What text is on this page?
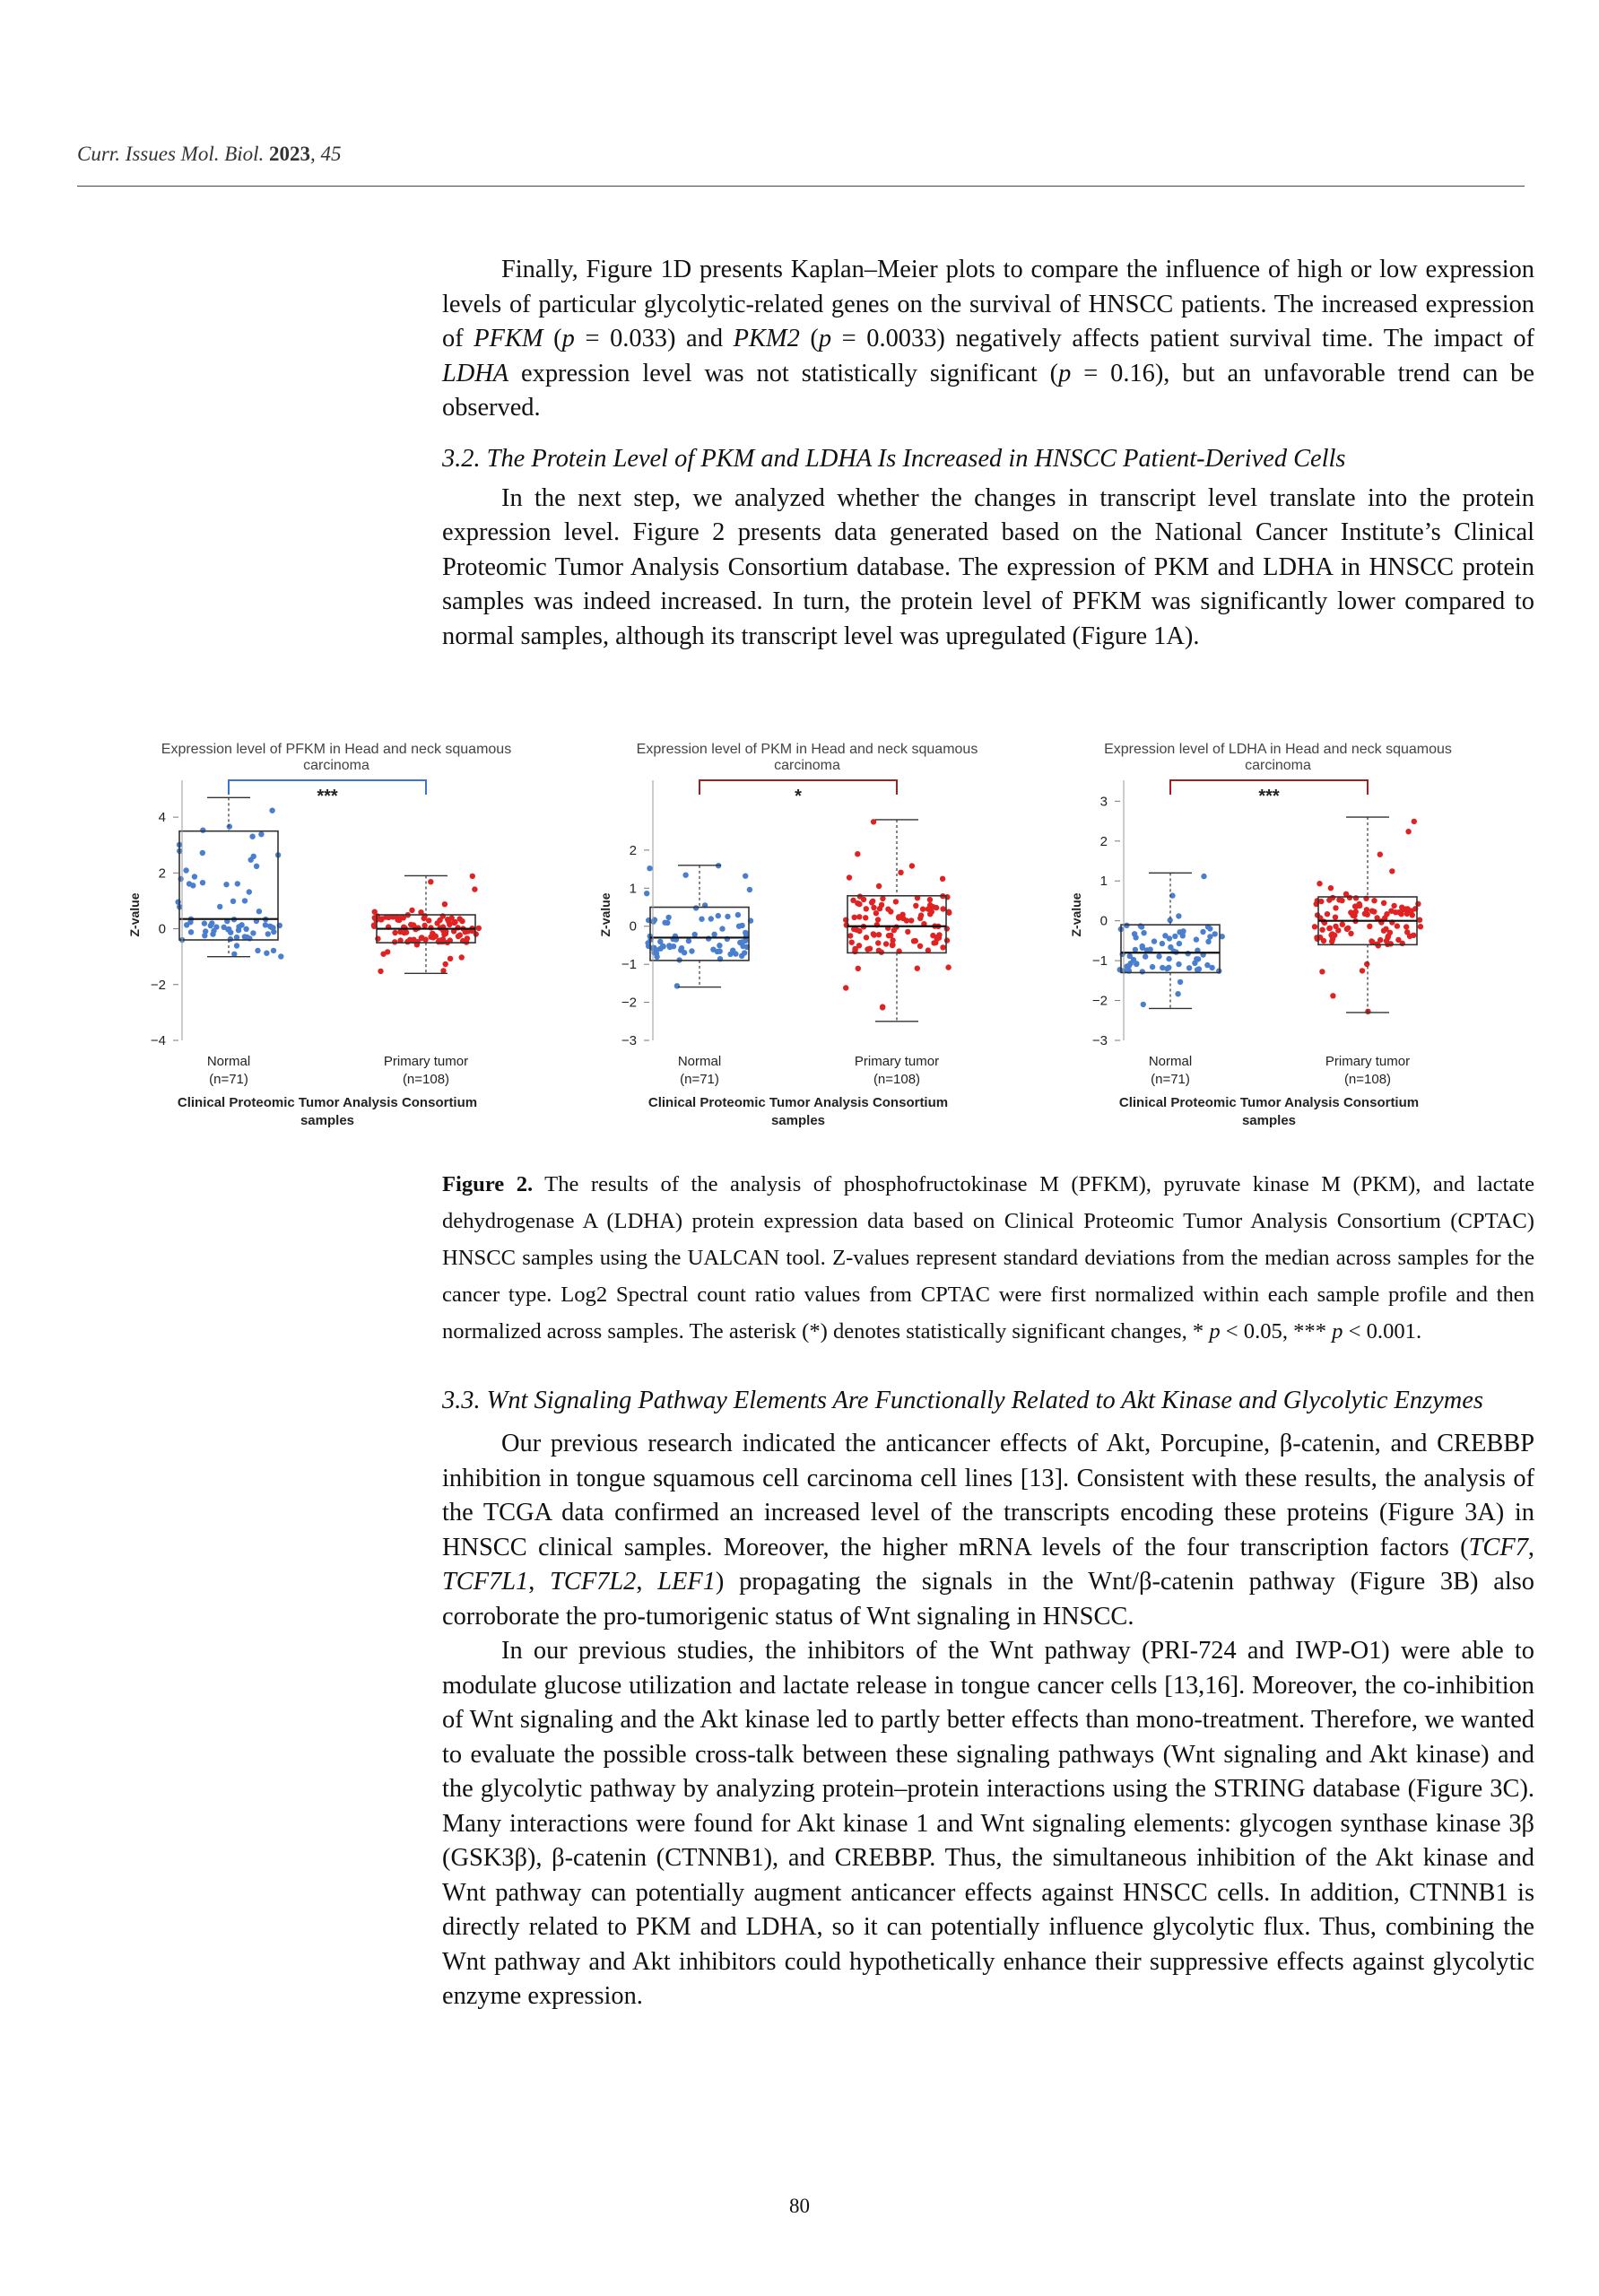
Curr. Issues Mol. Biol. 2023, 45

Finally, Figure 1D presents Kaplan–Meier plots to compare the influence of high or low expression levels of particular glycolytic-related genes on the survival of HNSCC patients. The increased expression of PFKM (p = 0.033) and PKM2 (p = 0.0033) negatively affects patient survival time. The impact of LDHA expression level was not statistically significant (p = 0.16), but an unfavorable trend can be observed.

3.2. The Protein Level of PKM and LDHA Is Increased in HNSCC Patient-Derived Cells

In the next step, we analyzed whether the changes in transcript level translate into the protein expression level. Figure 2 presents data generated based on the National Cancer Institute’s Clinical Proteomic Tumor Analysis Consortium database. The expression of PKM and LDHA in HNSCC protein samples was indeed increased. In turn, the protein level of PFKM was significantly lower compared to normal samples, although its transcript level was upregulated (Figure 1A).

Expression level of PFKM in Head and neck squamous
carcinoma
Z-value
4
2
0
−2
−4
***
Normal
(n=71)
Primary tumor
(n=108)
Clinical Proteomic Tumor Analysis Consortium
samples
Expression level of PKM in Head and neck squamous
carcinoma
Z-value
2
1
0
−1
−2
−3
*
Normal
(n=71)
Primary tumor
(n=108)
Clinical Proteomic Tumor Analysis Consortium
samples
Expression level of LDHA in Head and neck squamous
carcinoma
Z-value
3
2
1
0
−1
−2
−3
***
Normal
(n=71)
Primary tumor
(n=108)
Clinical Proteomic Tumor Analysis Consortium
samples

Figure 2. The results of the analysis of phosphofructokinase M (PFKM), pyruvate kinase M (PKM), and lactate dehydrogenase A (LDHA) protein expression data based on Clinical Proteomic Tumor Analysis Consortium (CPTAC) HNSCC samples using the UALCAN tool. Z-values represent standard deviations from the median across samples for the cancer type. Log2 Spectral count ratio values from CPTAC were first normalized within each sample profile and then normalized across samples. The asterisk (*) denotes statistically significant changes, * p < 0.05, *** p < 0.001.

3.3. Wnt Signaling Pathway Elements Are Functionally Related to Akt Kinase and Glycolytic Enzymes

Our previous research indicated the anticancer effects of Akt, Porcupine, β-catenin, and CREBBP inhibition in tongue squamous cell carcinoma cell lines [13]. Consistent with these results, the analysis of the TCGA data confirmed an increased level of the transcripts encoding these proteins (Figure 3A) in HNSCC clinical samples. Moreover, the higher mRNA levels of the four transcription factors (TCF7, TCF7L1, TCF7L2, LEF1) propagating the signals in the Wnt/β-catenin pathway (Figure 3B) also corroborate the pro-tumorigenic status of Wnt signaling in HNSCC.

In our previous studies, the inhibitors of the Wnt pathway (PRI-724 and IWP-O1) were able to modulate glucose utilization and lactate release in tongue cancer cells [13,16]. Moreover, the co-inhibition of Wnt signaling and the Akt kinase led to partly better effects than mono-treatment. Therefore, we wanted to evaluate the possible cross-talk between these signaling pathways (Wnt signaling and Akt kinase) and the glycolytic pathway by analyzing protein–protein interactions using the STRING database (Figure 3C). Many interactions were found for Akt kinase 1 and Wnt signaling elements: glycogen synthase kinase 3β (GSK3β), β-catenin (CTNNB1), and CREBBP. Thus, the simultaneous inhibition of the Akt kinase and Wnt pathway can potentially augment anticancer effects against HNSCC cells. In addition, CTNNB1 is directly related to PKM and LDHA, so it can potentially influence glycolytic flux. Thus, combining the Wnt pathway and Akt inhibitors could hypothetically enhance their suppressive effects against glycolytic enzyme expression.

80
